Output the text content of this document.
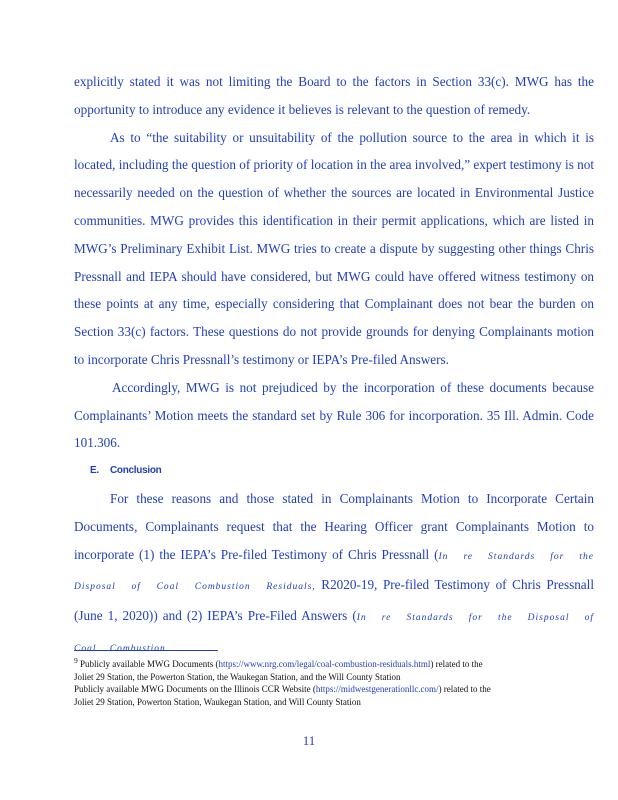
explicitly stated it was not limiting the Board to the factors in Section 33(c). MWG has the opportunity to introduce any evidence it believes is relevant to the question of remedy.

As to “the suitability or unsuitability of the pollution source to the area in which it is located, including the question of priority of location in the area involved,” expert testimony is not necessarily needed on the question of whether the sources are located in Environmental Justice communities. MWG provides this identification in their permit applications, which are listed in MWG’s Preliminary Exhibit List. MWG tries to create a dispute by suggesting other things Chris Pressnall and IEPA should have considered, but MWG could have offered witness testimony on these points at any time, especially considering that Complainant does not bear the burden on Section 33(c) factors. These questions do not provide grounds for denying Complainants motion to incorporate Chris Pressnall’s testimony or IEPA’s Pre-filed Answers.

Accordingly, MWG is not prejudiced by the incorporation of these documents because Complainants’ Motion meets the standard set by Rule 306 for incorporation. 35 Ill. Admin. Code 101.306.

E. Conclusion

For these reasons and those stated in Complainants Motion to Incorporate Certain Documents, Complainants request that the Hearing Officer grant Complainants Motion to incorporate (1) the IEPA’s Pre-filed Testimony of Chris Pressnall (In re Standards for the Disposal of Coal Combustion Residuals, R2020-19, Pre-filed Testimony of Chris Pressnall (June 1, 2020)) and (2) IEPA’s Pre-Filed Answers (In re Standards for the Disposal of Coal Combustion

$^9$ Publicly available MWG Documents (https://www.nrg.com/legal/coal-combustion-residuals.html) related to the Joliet 29 Station, the Powerton Station, the Waukegan Station, and the Will County Station

Publicly available MWG Documents on the Illinois CCR Website (https://midwestgenerationllc.com/) related to the Joliet 29 Station, Powerton Station, Waukegan Station, and Will County Station

11
